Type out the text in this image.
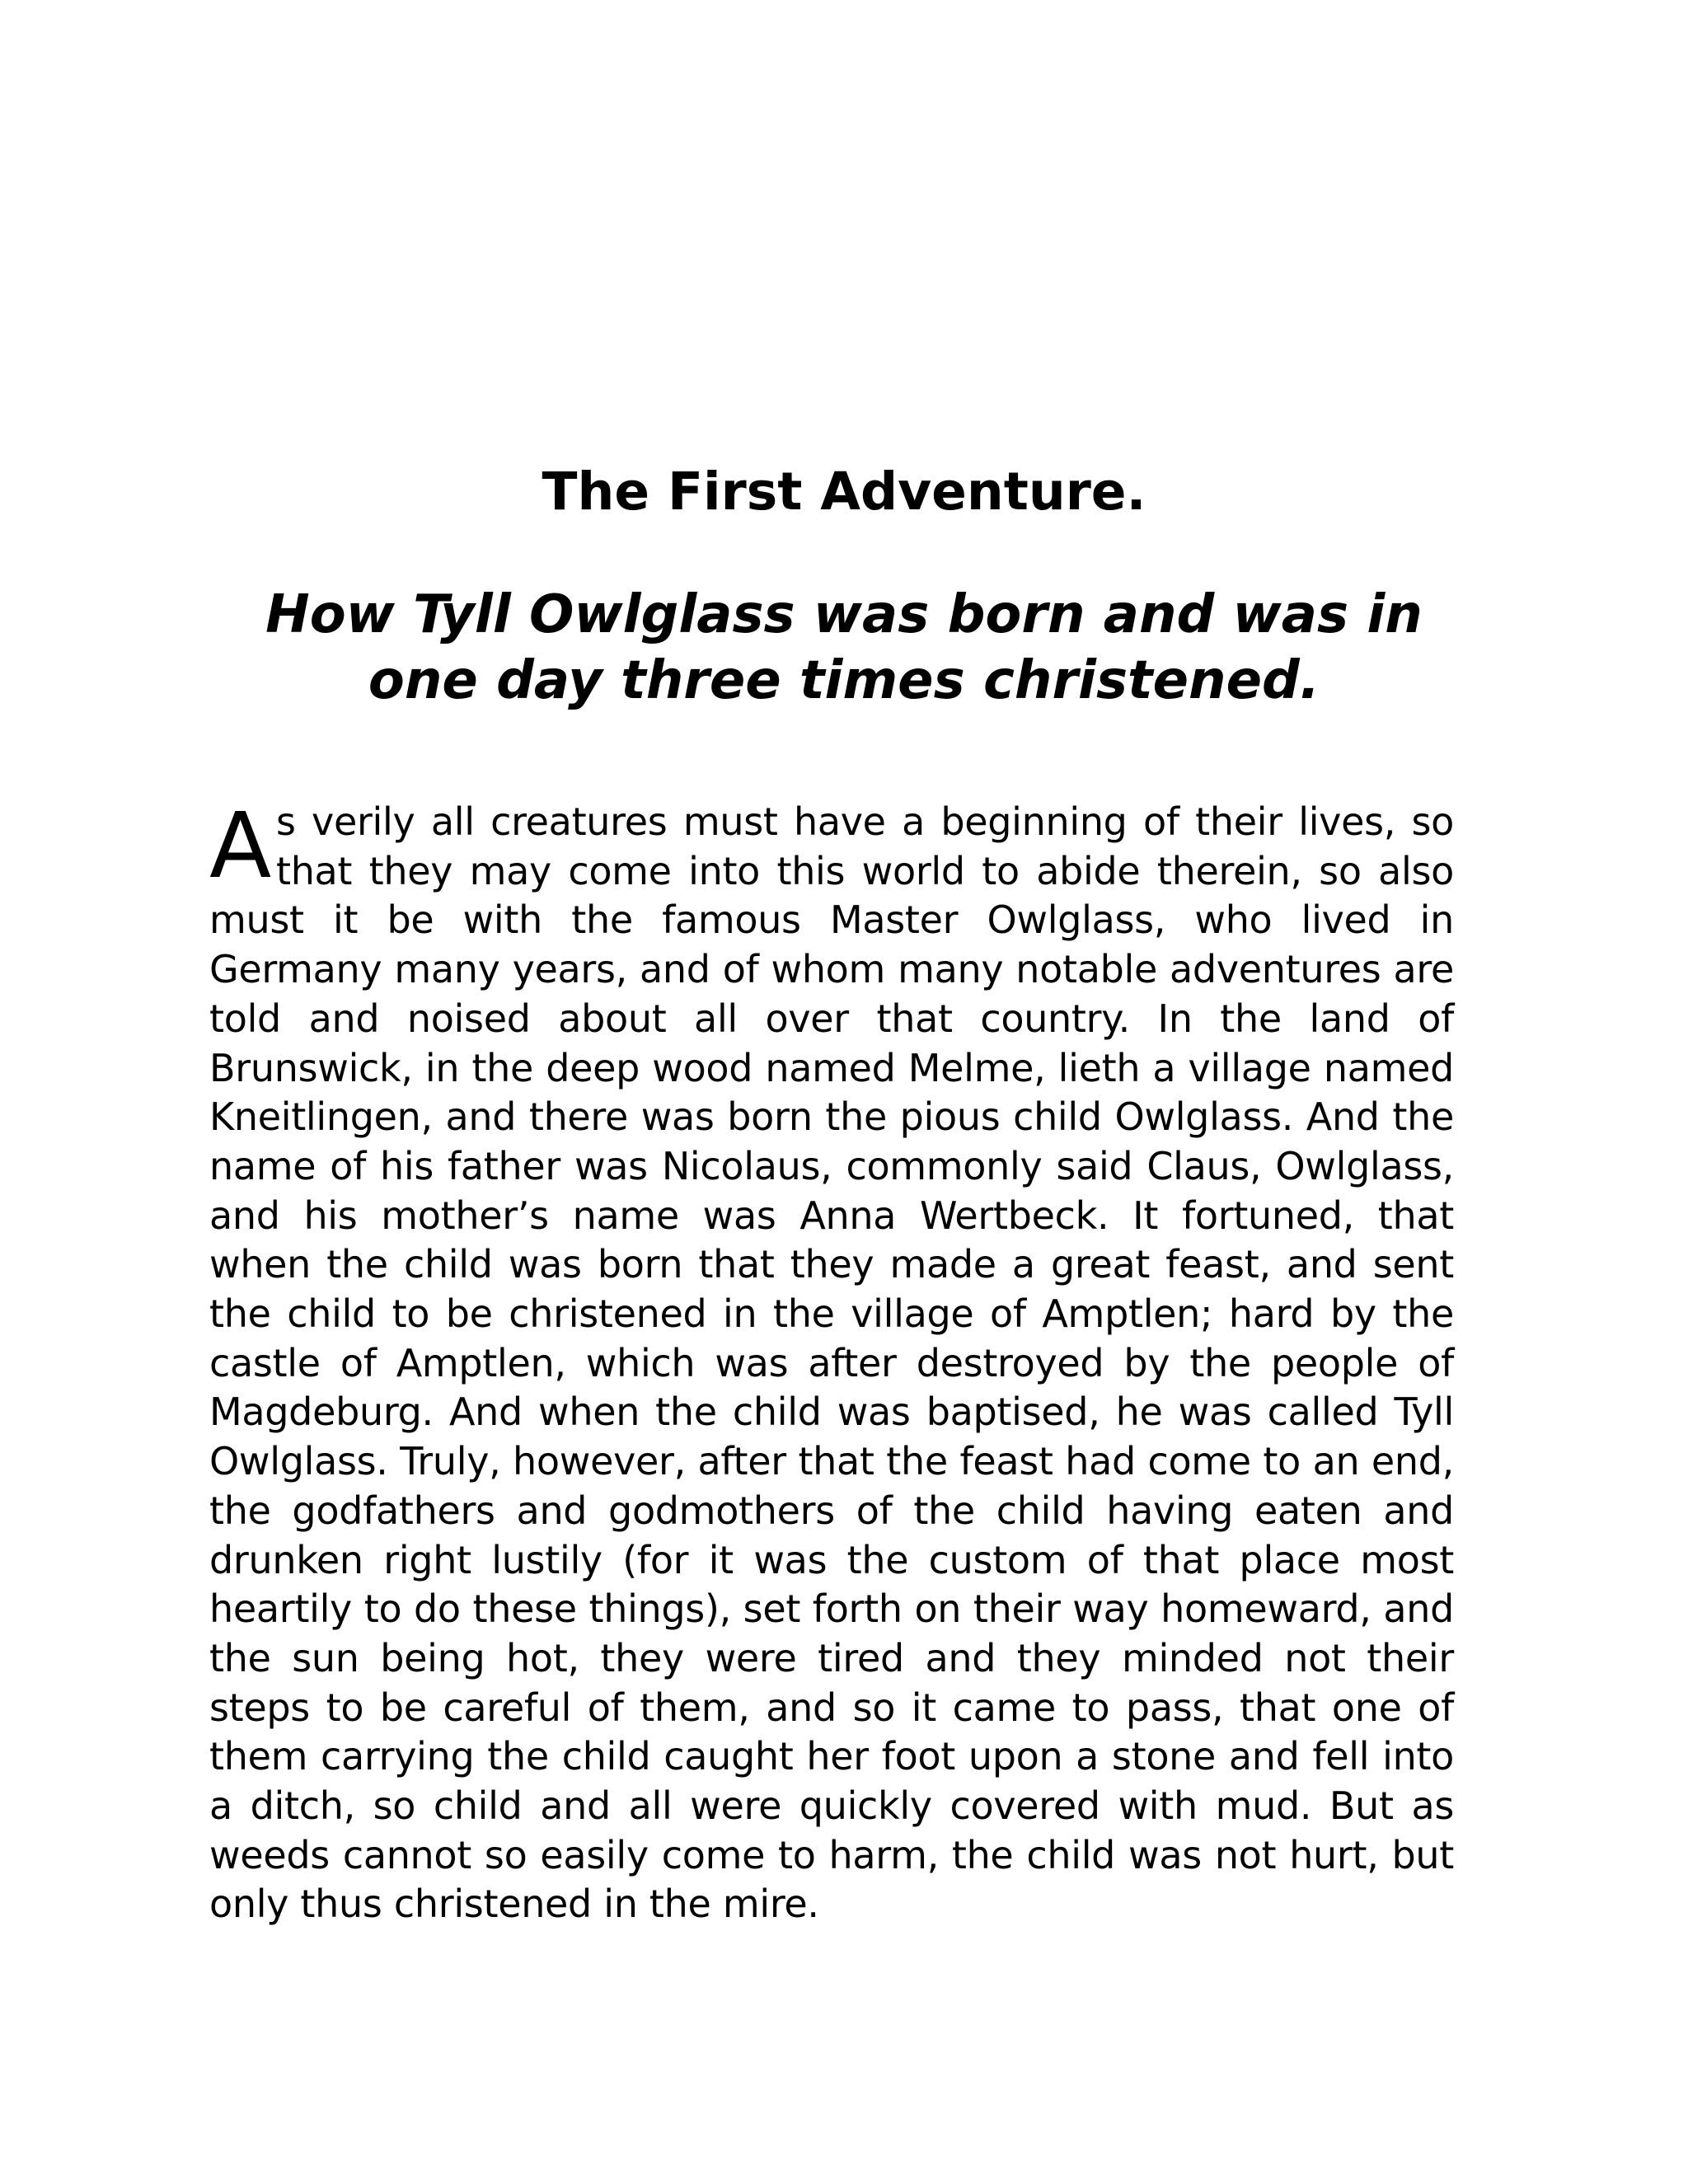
The First Adventure.
How Tyll Owlglass was born and was in one day three times christened.

As verily all creatures must have a beginning of their lives, so that they may come into this world to abide therein, so also must it be with the famous Master Owlglass, who lived in Germany many years, and of whom many notable adventures are told and noised about all over that country. In the land of Brunswick, in the deep wood named Melme, lieth a village named Kneitlingen, and there was born the pious child Owlglass. And the name of his father was Nicolaus, commonly said Claus, Owlglass, and his mother’s name was Anna Wertbeck. It fortuned, that when the child was born that they made a great feast, and sent the child to be christened in the village of Amptlen; hard by the castle of Amptlen, which was after destroyed by the people of Magdeburg. And when the child was baptised, he was called Tyll Owlglass. Truly, however, after that the feast had come to an end, the godfathers and godmothers of the child having eaten and drunken right lustily (for it was the custom of that place most heartily to do these things), set forth on their way homeward, and the sun being hot, they were tired and they minded not their steps to be careful of them, and so it came to pass, that one of them carrying the child caught her foot upon a stone and fell into a ditch, so child and all were quickly covered with mud. But as weeds cannot so easily come to harm, the child was not hurt, but only thus christened in the mire.
